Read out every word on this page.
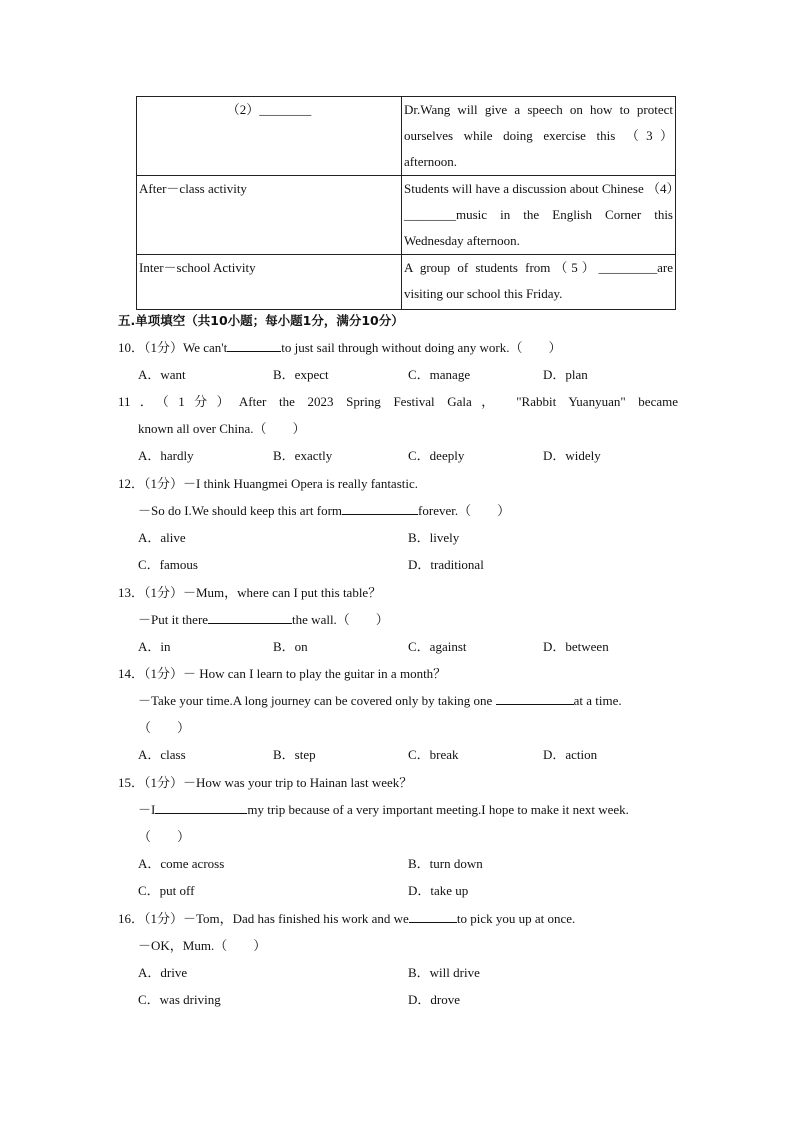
（2）________	Dr.Wang will give a speech on how to protect ourselves while doing exercise this （3） afternoon.
After－class activity	Students will have a discussion about Chinese （4）________music in the English Corner this Wednesday afternoon.
Inter－school Activity	A group of students from（5）_________are visiting our school this Friday.
五.单项填空（共10小题；每小题1分，满分10分）
10．（1分）We can't	to just sail through without doing any work.（　　）
A．want	B．expect	C．manage	D．plan
11．（1分）After the 2023 Spring Festival Gala， "Rabbit Yuanyuan" became
known all over China.（　　）
A．hardly	B．exactly	C．deeply	D．widely
12．（1分）－I think Huangmei Opera is really fantastic.
－So do I.We should keep this art form	forever.（　　）
A．alive	B．lively
C．famous	D．traditional
13．（1分）－Mum，where can I put this table？
－Put it there	the wall.（　　）
A．in	B．on	C．against	D．between
14．（1分）－ How can I learn to play the guitar in a month？
－Take your time.A long journey can be covered only by taking one	at a time.
（　　）
A．class	B．step	C．break	D．action
15．（1分）－How was your trip to Hainan last week？
－I	my trip because of a very important meeting.I hope to make it next week.
（　　）
A．come across	B．turn down
C．put off	D．take up
16．（1分）－Tom，Dad has finished his work and we	to pick you up at once.
－OK，Mum.（　　）
A．drive	B．will drive
C．was driving	D．drove
